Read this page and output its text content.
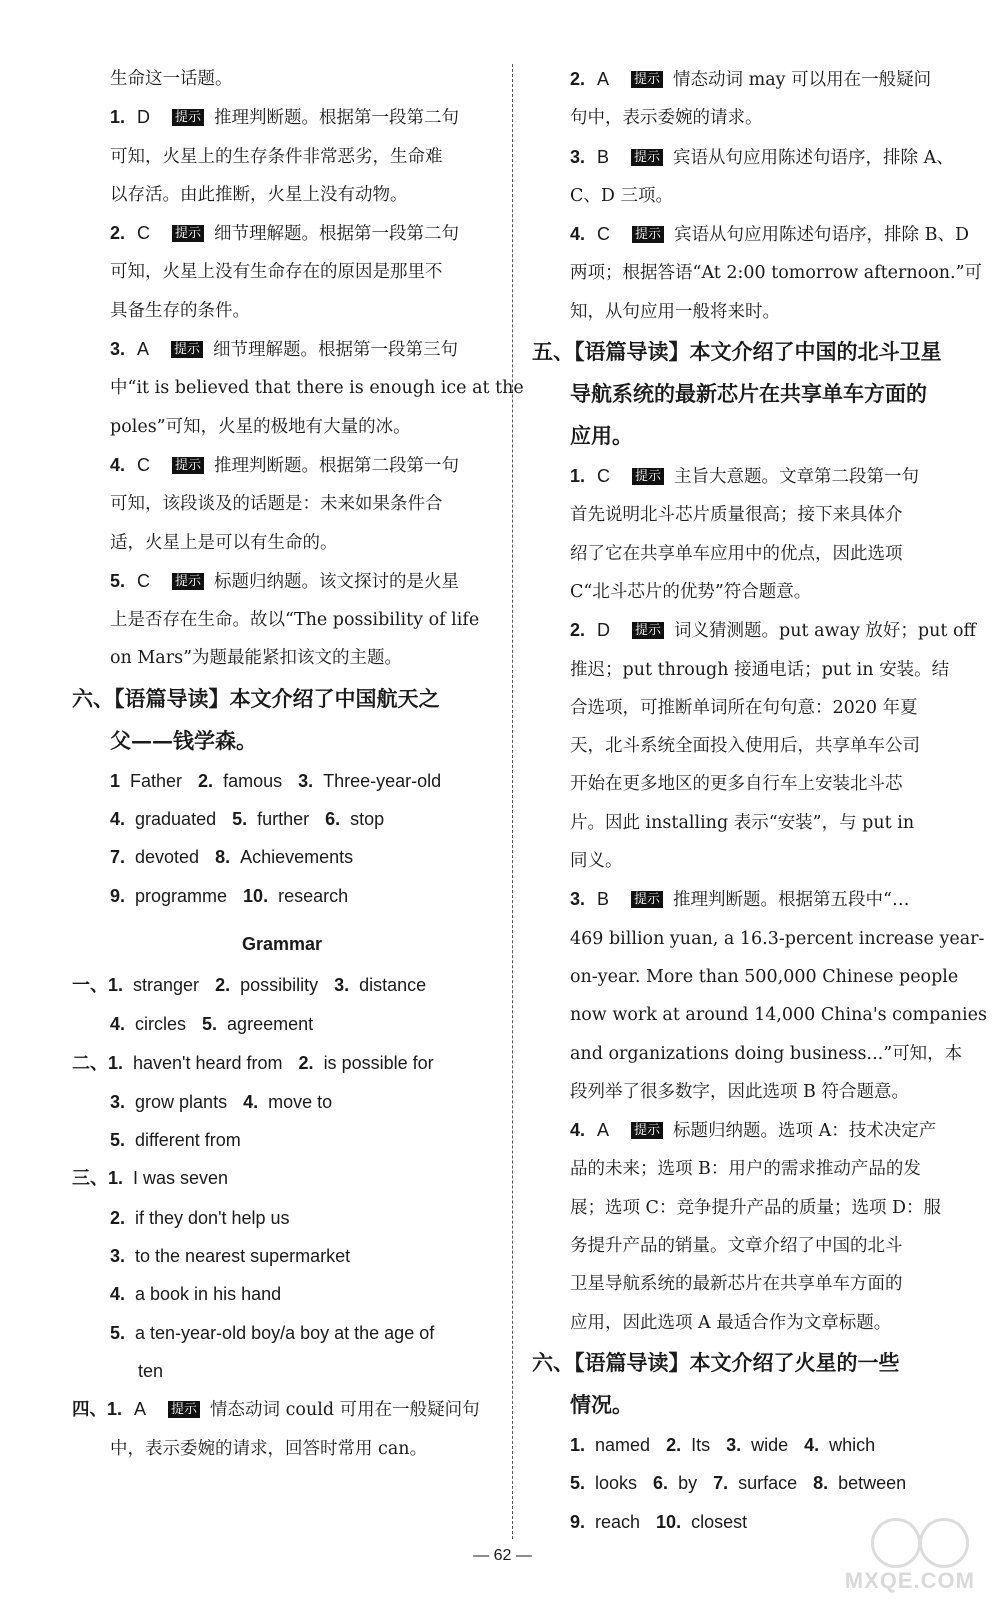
生命这一话题。
1. D 提示 推理判断题。根据第一段第二句
可知，火星上的生存条件非常恶劣，生命难
以存活。由此推断，火星上没有动物。
2. C 提示 细节理解题。根据第一段第二句
可知，火星上没有生命存在的原因是那里不
具备生存的条件。
3. A 提示 细节理解题。根据第一段第三句
中“it is believed that there is enough ice at the
poles”可知，火星的极地有大量的冰。
4. C 提示 推理判断题。根据第二段第一句
可知，该段谈及的话题是：未来如果条件合
适，火星上是可以有生命的。
5. C 提示 标题归纳题。该文探讨的是火星
上是否存在生命。故以“The possibility of life
on Mars”为题最能紧扣该文的主题。
六、【语篇导读】本文介绍了中国航天之
父——钱学森。
1 Father 2. famous 3. Three-year-old
4. graduated 5. further 6. stop
7. devoted 8. Achievements
9. programme 10. research
Grammar
一、1. stranger 2. possibility 3. distance
4. circles 5. agreement
二、1. haven't heard from 2. is possible for
3. grow plants 4. move to
5. different from
三、1. I was seven
2. if they don't help us
3. to the nearest supermarket
4. a book in his hand
5. a ten-year-old boy/a boy at the age of
ten
四、1. A 提示 情态动词 could 可用在一般疑问句
中，表示委婉的请求，回答时常用 can。
2. A 提示 情态动词 may 可以用在一般疑问
句中，表示委婉的请求。
3. B 提示 宾语从句应用陈述句语序，排除 A、
C、D 三项。
4. C 提示 宾语从句应用陈述句语序，排除 B、D
两项；根据答语“At 2:00 tomorrow afternoon.”可
知，从句应用一般将来时。
五、【语篇导读】本文介绍了中国的北斗卫星
导航系统的最新芯片在共享单车方面的
应用。
1. C 提示 主旨大意题。文章第二段第一句
首先说明北斗芯片质量很高；接下来具体介
绍了它在共享单车应用中的优点，因此选项
C“北斗芯片的优势”符合题意。
2. D 提示 词义猜测题。put away 放好；put off
推迟；put through 接通电话；put in 安装。结
合选项，可推断单词所在句句意：2020 年夏
天，北斗系统全面投入使用后，共享单车公司
开始在更多地区的更多自行车上安装北斗芯
片。因此 installing 表示“安装”，与 put in
同义。
3. B 提示 推理判断题。根据第五段中“…
469 billion yuan, a 16.3-percent increase year-
on-year. More than 500,000 Chinese people
now work at around 14,000 China's companies
and organizations doing business...”可知，本
段列举了很多数字，因此选项 B 符合题意。
4. A 提示 标题归纳题。选项 A：技术决定产
品的未来；选项 B：用户的需求推动产品的发
展；选项 C：竞争提升产品的质量；选项 D：服
务提升产品的销量。文章介绍了中国的北斗
卫星导航系统的最新芯片在共享单车方面的
应用，因此选项 A 最适合作为文章标题。
六、【语篇导读】本文介绍了火星的一些
情况。
1. named 2. Its 3. wide 4. which
5. looks 6. by 7. surface 8. between
9. reach 10. closest
— 62 —
MXQE.COM
